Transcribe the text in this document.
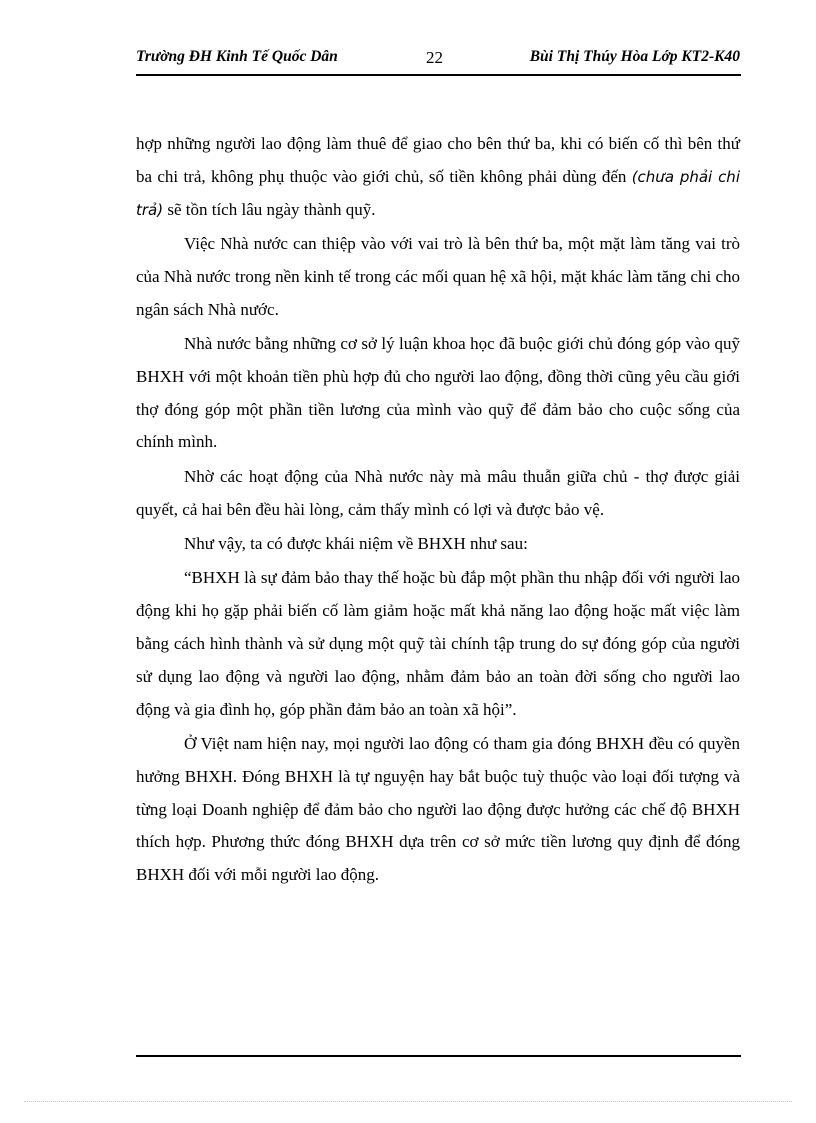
Trường ĐH Kinh Tế Quốc Dân	22	Bùi Thị Thúy Hòa Lớp KT2-K40

hợp những người lao động làm thuê để giao cho bên thứ ba, khi có biến cố thì bên thứ ba chi trả, không phụ thuộc vào giới chủ, số tiền không phải dùng đến (chưa phải chi trả) sẽ tồn tích lâu ngày thành quỹ.

Việc Nhà nước can thiệp vào với vai trò là bên thứ ba, một mặt làm tăng vai trò của Nhà nước trong nền kinh tế trong các mối quan hệ xã hội, mặt khác làm tăng chi cho ngân sách Nhà nước.

Nhà nước bằng những cơ sở lý luận khoa học đã buộc giới chủ đóng góp vào quỹ BHXH với một khoản tiền phù hợp đủ cho người lao động, đồng thời cũng yêu cầu giới thợ đóng góp một phần tiền lương của mình vào quỹ để đảm bảo cho cuộc sống của chính mình.

Nhờ các hoạt động của Nhà nước này mà mâu thuẫn giữa chủ - thợ được giải quyết, cả hai bên đều hài lòng, cảm thấy mình có lợi và được bảo vệ.

Như vậy, ta có được khái niệm về BHXH như sau:

“BHXH là sự đảm bảo thay thế hoặc bù đắp một phần thu nhập đối với người lao động khi họ gặp phải biến cố làm giảm hoặc mất khả năng lao động hoặc mất việc làm bằng cách hình thành và sử dụng một quỹ tài chính tập trung do sự đóng góp của người sử dụng lao động và người lao động, nhằm đảm bảo an toàn đời sống cho người lao động và gia đình họ, góp phần đảm bảo an toàn xã hội”.

Ở Việt nam hiện nay, mọi người lao động có tham gia đóng BHXH đều có quyền hưởng BHXH. Đóng BHXH là tự nguyện hay bắt buộc tuỳ thuộc vào loại đối tượng và từng loại Doanh nghiệp để đảm bảo cho người lao động được hưởng các chế độ BHXH thích hợp. Phương thức đóng BHXH dựa trên cơ sở mức tiền lương quy định để đóng BHXH đối với mỗi người lao động.
